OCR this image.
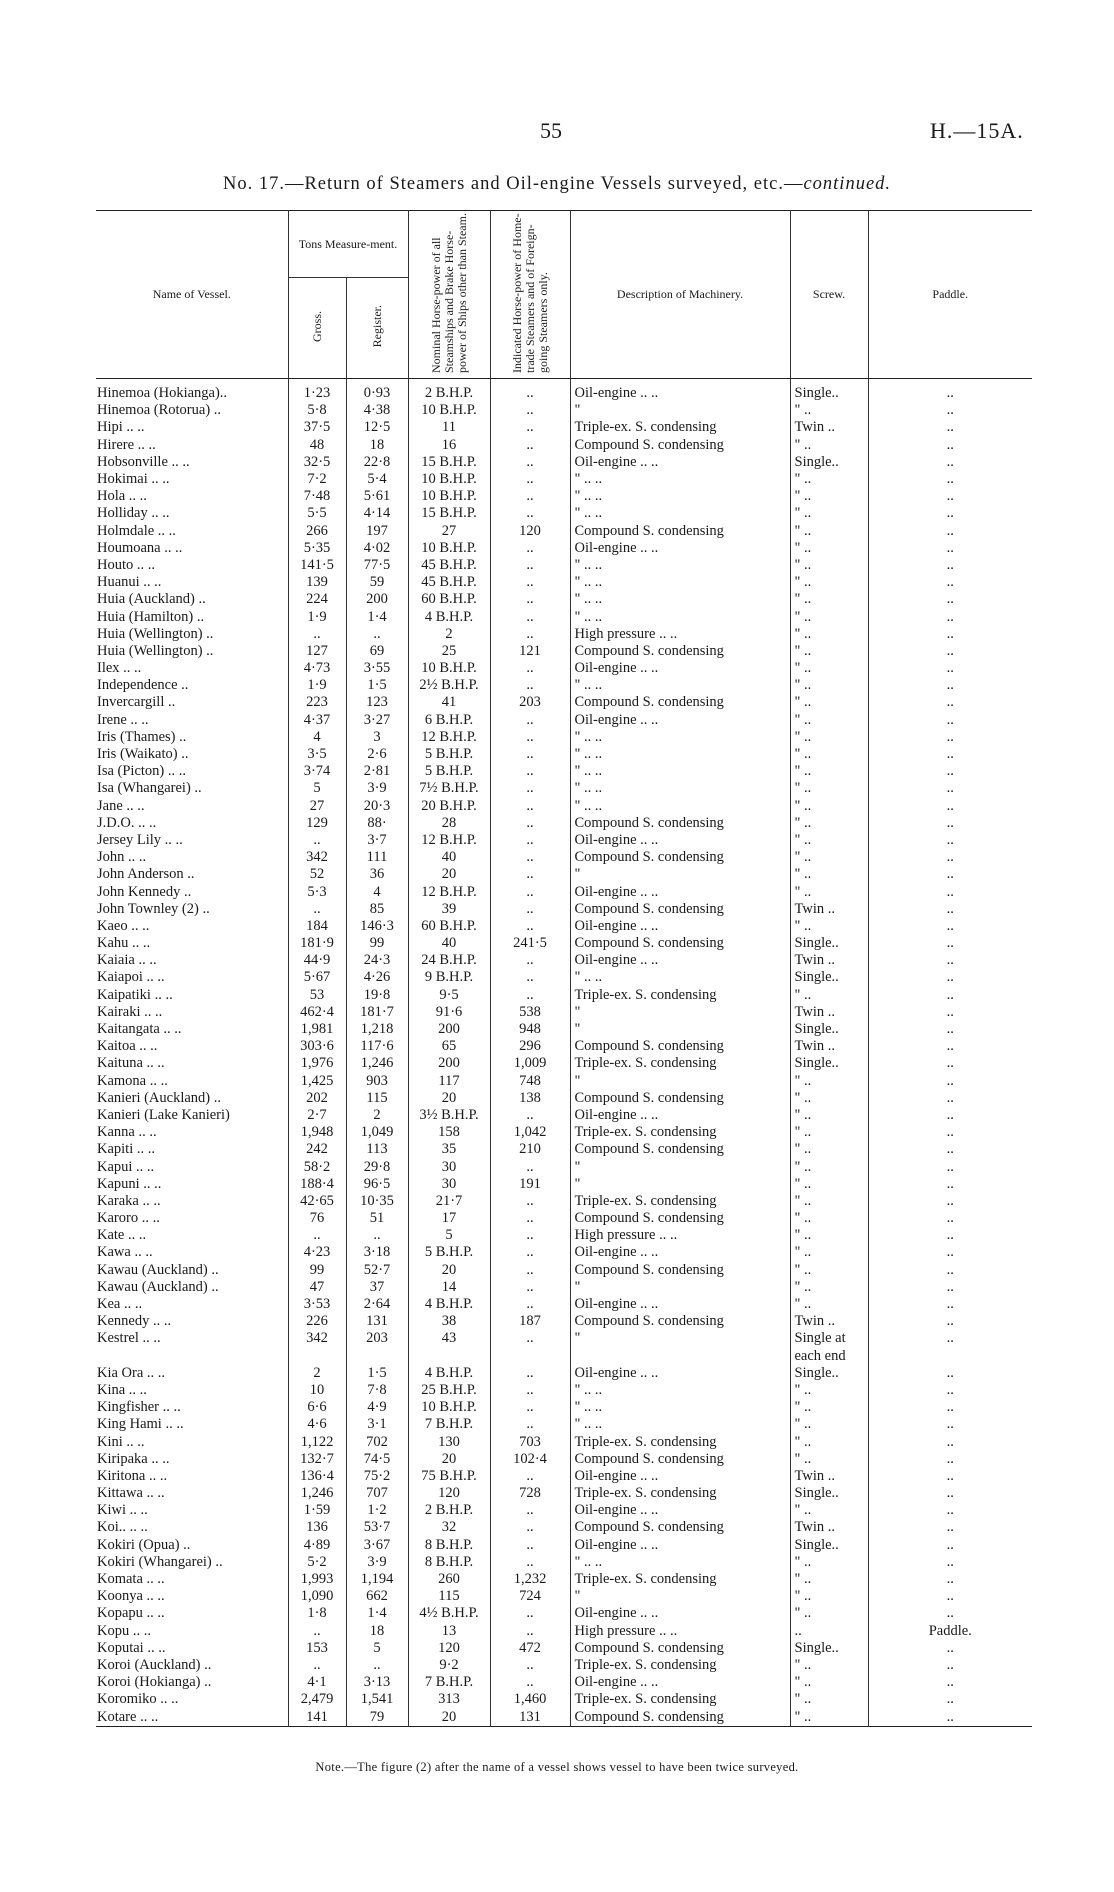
55	H.—15A.
No. 17.—Return of Steamers and Oil-engine Vessels surveyed, etc.—continued.
Name of Vessel.	Tons Measure-ment.		Nominal Horse-power of all Steamships and Brake Horse-power of Ships other than Steam.	Indicated Horse-power of Home-trade Steamers and of Foreign-going Steamers only.	Description of Machinery.	Screw.	Paddle.
	Gross.	Register.					
Hinemoa (Hokianga)..	1·23	0·93	2 B.H.P.	..	Oil-engine .. ..	Single..	..
Hinemoa (Rotorua) ..	5·8	4·38	10 B.H.P.	..	"	" ..	..
Hipi .. ..	37·5	12·5	11	..	Triple-ex. S. condensing	Twin ..	..
Hirere .. ..	48	18	16	..	Compound S. condensing	" ..	..
Hobsonville .. ..	32·5	22·8	15 B.H.P.	..	Oil-engine .. ..	Single..	..
Hokimai .. ..	7·2	5·4	10 B.H.P.	..	" .. ..	" ..	..
Hola .. ..	7·48	5·61	10 B.H.P.	..	" .. ..	" ..	..
Holliday .. ..	5·5	4·14	15 B.H.P.	..	" .. ..	" ..	..
Holmdale .. ..	266	197	27	120	Compound S. condensing	" ..	..
Houmoana .. ..	5·35	4·02	10 B.H.P.	..	Oil-engine .. ..	" ..	..
Houto .. ..	141·5	77·5	45 B.H.P.	..	" .. ..	" ..	..
Huanui .. ..	139	59	45 B.H.P.	..	" .. ..	" ..	..
Huia (Auckland) ..	224	200	60 B.H.P.	..	" .. ..	" ..	..
Huia (Hamilton) ..	1·9	1·4	4 B.H.P.	..	" .. ..	" ..	..
Huia (Wellington) ..	..	..	2	..	High pressure .. ..	" ..	..
Huia (Wellington) ..	127	69	25	121	Compound S. condensing	" ..	..
Ilex .. ..	4·73	3·55	10 B.H.P.	..	Oil-engine .. ..	" ..	..
Independence ..	1·9	1·5	2½ B.H.P.	..	" .. ..	" ..	..
Invercargill ..	223	123	41	203	Compound S. condensing	" ..	..
Irene .. ..	4·37	3·27	6 B.H.P.	..	Oil-engine .. ..	" ..	..
Iris (Thames) ..	4	3	12 B.H.P.	..	" .. ..	" ..	..
Iris (Waikato) ..	3·5	2·6	5 B.H.P.	..	" .. ..	" ..	..
Isa (Picton) .. ..	3·74	2·81	5 B.H.P.	..	" .. ..	" ..	..
Isa (Whangarei) ..	5	3·9	7½ B.H.P.	..	" .. ..	" ..	..
Jane .. ..	27	20·3	20 B.H.P.	..	" .. ..	" ..	..
J.D.O. .. ..	129	88·	28	..	Compound S. condensing	" ..	..
Jersey Lily .. ..	..	3·7	12 B.H.P.	..	Oil-engine .. ..	" ..	..
John .. ..	342	111	40	..	Compound S. condensing	" ..	..
John Anderson ..	52	36	20	..	"	" ..	..
John Kennedy ..	5·3	4	12 B.H.P.	..	Oil-engine .. ..	" ..	..
John Townley (2) ..	..	85	39	..	Compound S. condensing	Twin ..	..
Kaeo .. ..	184	146·3	60 B.H.P.	..	Oil-engine .. ..	" ..	..
Kahu .. ..	181·9	99	40	241·5	Compound S. condensing	Single..	..
Kaiaia .. ..	44·9	24·3	24 B.H.P.	..	Oil-engine .. ..	Twin ..	..
Kaiapoi .. ..	5·67	4·26	9 B.H.P.	..	" .. ..	Single..	..
Kaipatiki .. ..	53	19·8	9·5	..	Triple-ex. S. condensing	" ..	..
Kairaki .. ..	462·4	181·7	91·6	538	"	Twin ..	..
Kaitangata .. ..	1,981	1,218	200	948	"	Single..	..
Kaitoa .. ..	303·6	117·6	65	296	Compound S. condensing	Twin ..	..
Kaituna .. ..	1,976	1,246	200	1,009	Triple-ex. S. condensing	Single..	..
Kamona .. ..	1,425	903	117	748	"	" ..	..
Kanieri (Auckland) ..	202	115	20	138	Compound S. condensing	" ..	..
Kanieri (Lake Kanieri)	2·7	2	3½ B.H.P.	..	Oil-engine .. ..	" ..	..
Kanna .. ..	1,948	1,049	158	1,042	Triple-ex. S. condensing	" ..	..
Kapiti .. ..	242	113	35	210	Compound S. condensing	" ..	..
Kapui .. ..	58·2	29·8	30	..	"	" ..	..
Kapuni .. ..	188·4	96·5	30	191	"	" ..	..
Karaka .. ..	42·65	10·35	21·7	..	Triple-ex. S. condensing	" ..	..
Karoro .. ..	76	51	17	..	Compound S. condensing	" ..	..
Kate .. ..	..	..	5	..	High pressure .. ..	" ..	..
Kawa .. ..	4·23	3·18	5 B.H.P.	..	Oil-engine .. ..	" ..	..
Kawau (Auckland) ..	99	52·7	20	..	Compound S. condensing	" ..	..
Kawau (Auckland) ..	47	37	14	..	"	" ..	..
Kea .. ..	3·53	2·64	4 B.H.P.	..	Oil-engine .. ..	" ..	..
Kennedy .. ..	226	131	38	187	Compound S. condensing	Twin ..	..
Kestrel .. ..	342	203	43	..	"	Single at	..
						each end	
Kia Ora .. ..	2	1·5	4 B.H.P.	..	Oil-engine .. ..	Single..	..
Kina .. ..	10	7·8	25 B.H.P.	..	" .. ..	" ..	..
Kingfisher .. ..	6·6	4·9	10 B.H.P.	..	" .. ..	" ..	..
King Hami .. ..	4·6	3·1	7 B.H.P.	..	" .. ..	" ..	..
Kini .. ..	1,122	702	130	703	Triple-ex. S. condensing	" ..	..
Kiripaka .. ..	132·7	74·5	20	102·4	Compound S. condensing	" ..	..
Kiritona .. ..	136·4	75·2	75 B.H.P.	..	Oil-engine .. ..	Twin ..	..
Kittawa .. ..	1,246	707	120	728	Triple-ex. S. condensing	Single..	..
Kiwi .. ..	1·59	1·2	2 B.H.P.	..	Oil-engine .. ..	" ..	..
Koi.. .. ..	136	53·7	32	..	Compound S. condensing	Twin ..	..
Kokiri (Opua) ..	4·89	3·67	8 B.H.P.	..	Oil-engine .. ..	Single..	..
Kokiri (Whangarei) ..	5·2	3·9	8 B.H.P.	..	" .. ..	" ..	..
Komata .. ..	1,993	1,194	260	1,232	Triple-ex. S. condensing	" ..	..
Koonya .. ..	1,090	662	115	724	"	" ..	..
Kopapu .. ..	1·8	1·4	4½ B.H.P.	..	Oil-engine .. ..	" ..	..
Kopu .. ..	..	18	13	..	High pressure .. ..	..	Paddle.
Koputai .. ..	153	5	120	472	Compound S. condensing	Single..	..
Koroi (Auckland) ..	..	..	9·2	..	Triple-ex. S. condensing	" ..	..
Koroi (Hokianga) ..	4·1	3·13	7 B.H.P.	..	Oil-engine .. ..	" ..	..
Koromiko .. ..	2,479	1,541	313	1,460	Triple-ex. S. condensing	" ..	..
Kotare .. ..	141	79	20	131	Compound S. condensing	" ..	..
Note.—The figure (2) after the name of a vessel shows vessel to have been twice surveyed.
